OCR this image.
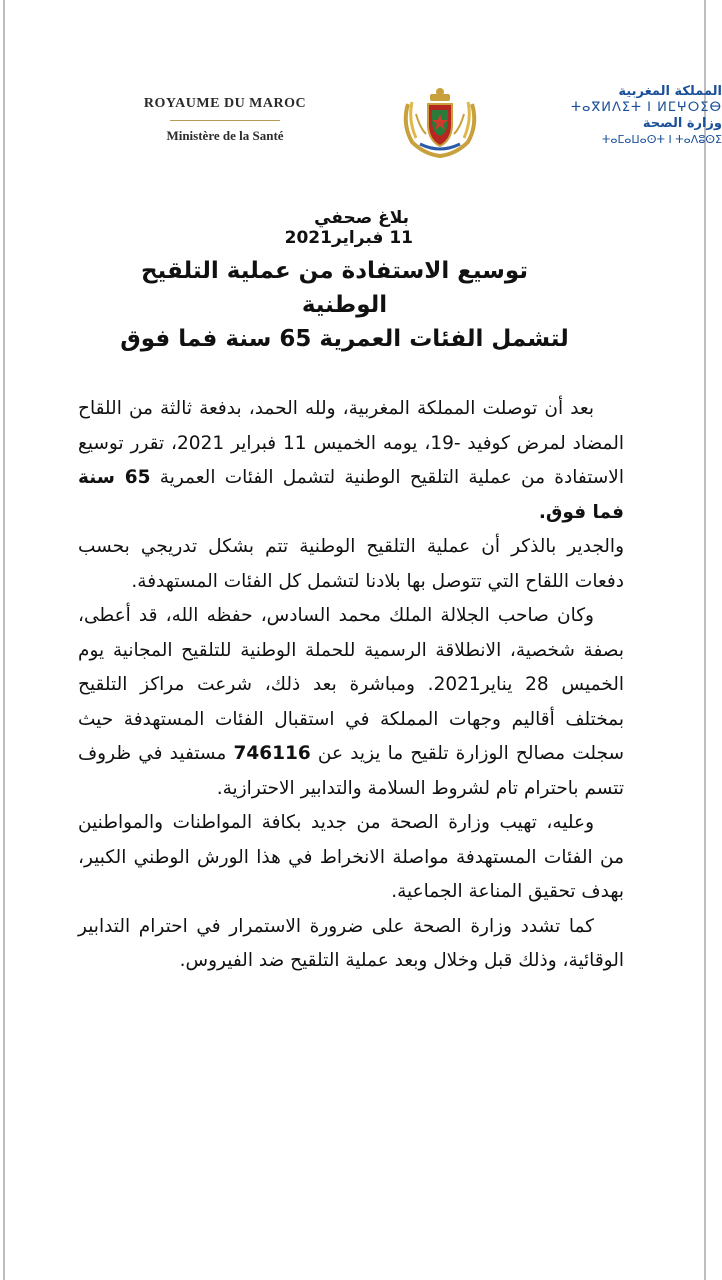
ROYAUME DU MAROC
Ministère de la Santé
المملكة المغربية
ⵜⴰⴳⵍⴷⵉⵜ ⵏ ⵍⵎⵖⵔⵉⴱ
وزارة الصحة
ⵜⴰⵎⴰⵡⴰⵙⵜ ⵏ ⵜⴰⴷⵓⵙⵉ
بلاغ صحفي
11 فبراير2021
توسيع الاستفادة من عملية التلقيح
الوطنية
لتشمل الفئات العمرية 65 سنة فما فوق

بعد أن توصلت المملكة المغربية، ولله الحمد، بدفعة ثالثة من اللقاح المضاد لمرض كوفيد -19، يومه الخميس 11 فبراير 2021، تقرر توسيع الاستفادة من عملية التلقيح الوطنية لتشمل الفئات العمرية 65 سنة فما فوق.

والجدير بالذكر أن عملية التلقيح الوطنية تتم بشكل تدريجي بحسب دفعات اللقاح التي تتوصل بها بلادنا لتشمل كل الفئات المستهدفة.

وكان صاحب الجلالة الملك محمد السادس، حفظه الله، قد أعطى، بصفة شخصية، الانطلاقة الرسمية للحملة الوطنية للتلقيح المجانية يوم الخميس 28 يناير2021. ومباشرة بعد ذلك، شرعت مراكز التلقيح بمختلف أقاليم وجهات المملكة في استقبال الفئات المستهدفة حيث سجلت مصالح الوزارة تلقيح ما يزيد عن 746116 مستفيد في ظروف تتسم باحترام تام لشروط السلامة والتدابير الاحترازية.

وعليه، تهيب وزارة الصحة من جديد بكافة المواطنات والمواطنين من الفئات المستهدفة مواصلة الانخراط في هذا الورش الوطني الكبير، بهدف تحقيق المناعة الجماعية.

كما تشدد وزارة الصحة على ضرورة الاستمرار في احترام التدابير الوقائية، وذلك قبل وخلال وبعد عملية التلقيح ضد الفيروس.
